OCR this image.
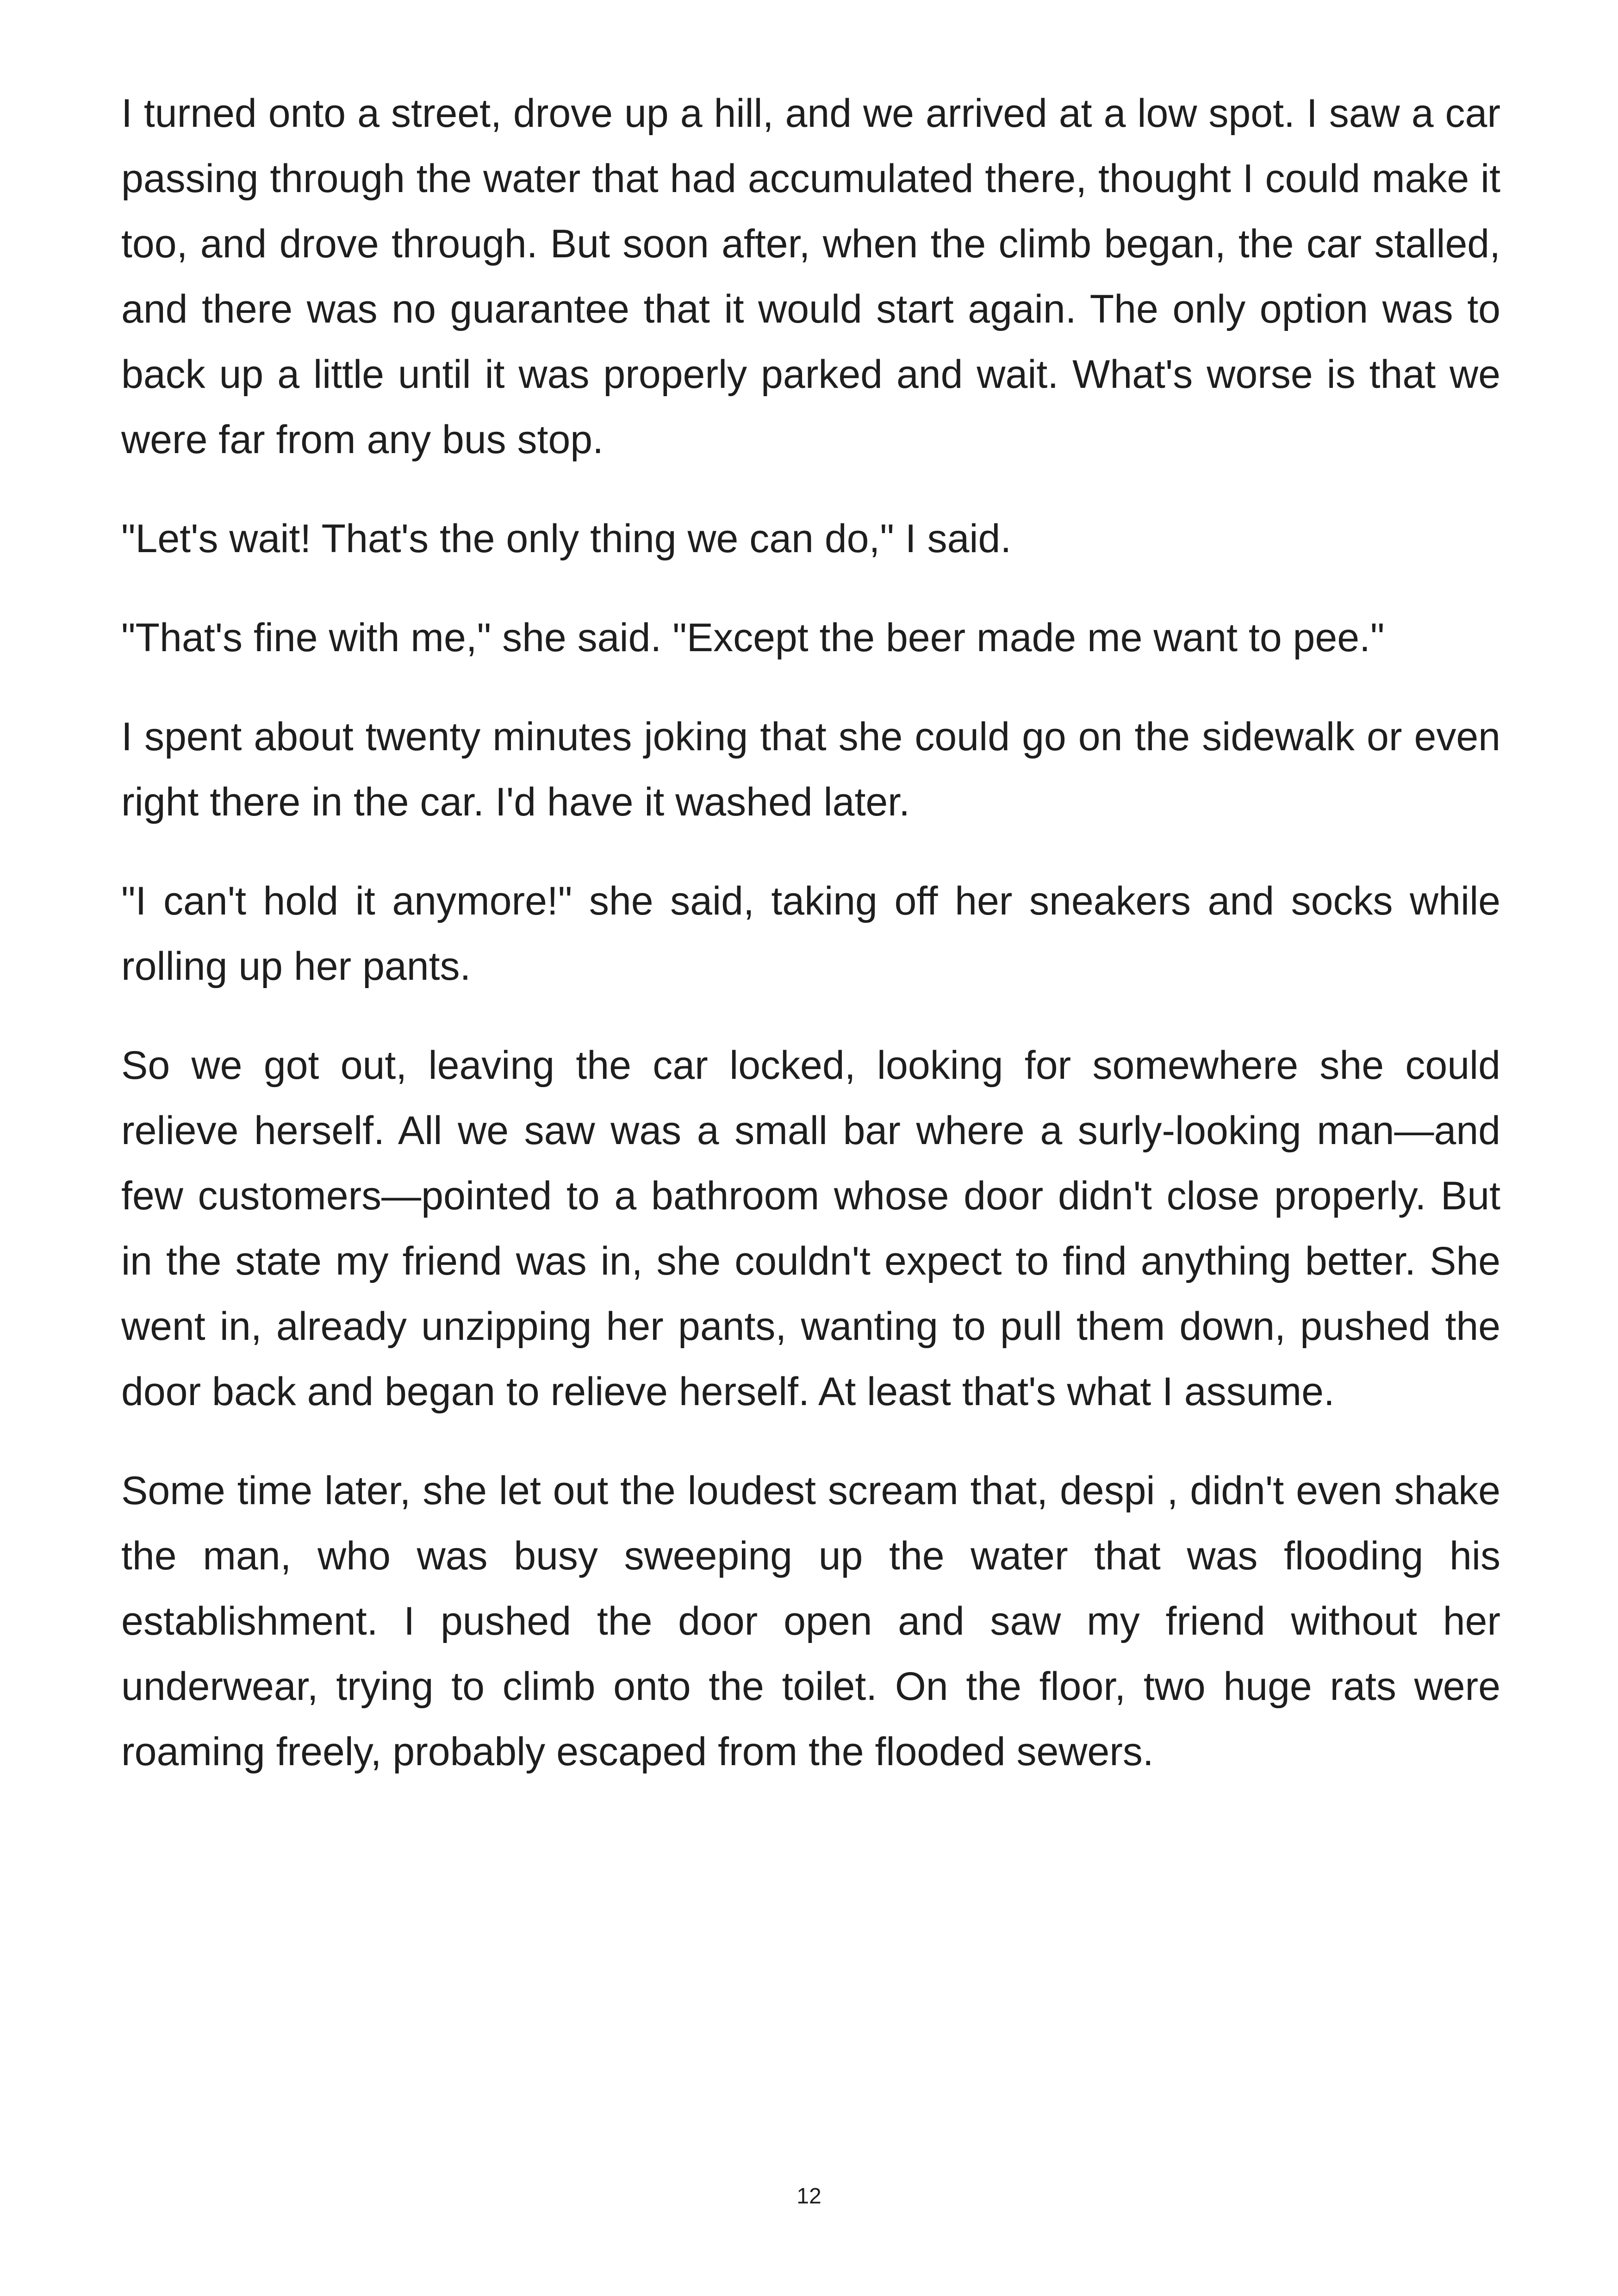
I turned onto a street, drove up a hill, and we arrived at a low spot. I saw a car passing through the water that had accumulated there, thought I could make it too, and drove through. But soon after, when the climb began, the car stalled, and there was no guarantee that it would start again. The only option was to back up a little until it was properly parked and wait. What's worse is that we were far from any bus stop.

"Let's wait! That's the only thing we can do," I said.

"That's fine with me," she said. "Except the beer made me want to pee."

I spent about twenty minutes joking that she could go on the sidewalk or even right there in the car. I'd have it washed later.

"I can't hold it anymore!" she said, taking off her sneakers and socks while rolling up her pants.

So we got out, leaving the car locked, looking for somewhere she could relieve herself. All we saw was a small bar where a surly-looking man—and few customers—pointed to a bathroom whose door didn't close properly. But in the state my friend was in, she couldn't expect to find anything better. She went in, already unzipping her pants, wanting to pull them down, pushed the door back and began to relieve herself. At least that's what I assume.

Some time later, she let out the loudest scream that, despi , didn't even shake the man, who was busy sweeping up the water that was flooding his establishment. I pushed the door open and saw my friend without her underwear, trying to climb onto the toilet. On the floor, two huge rats were roaming freely, probably escaped from the flooded sewers.

12
